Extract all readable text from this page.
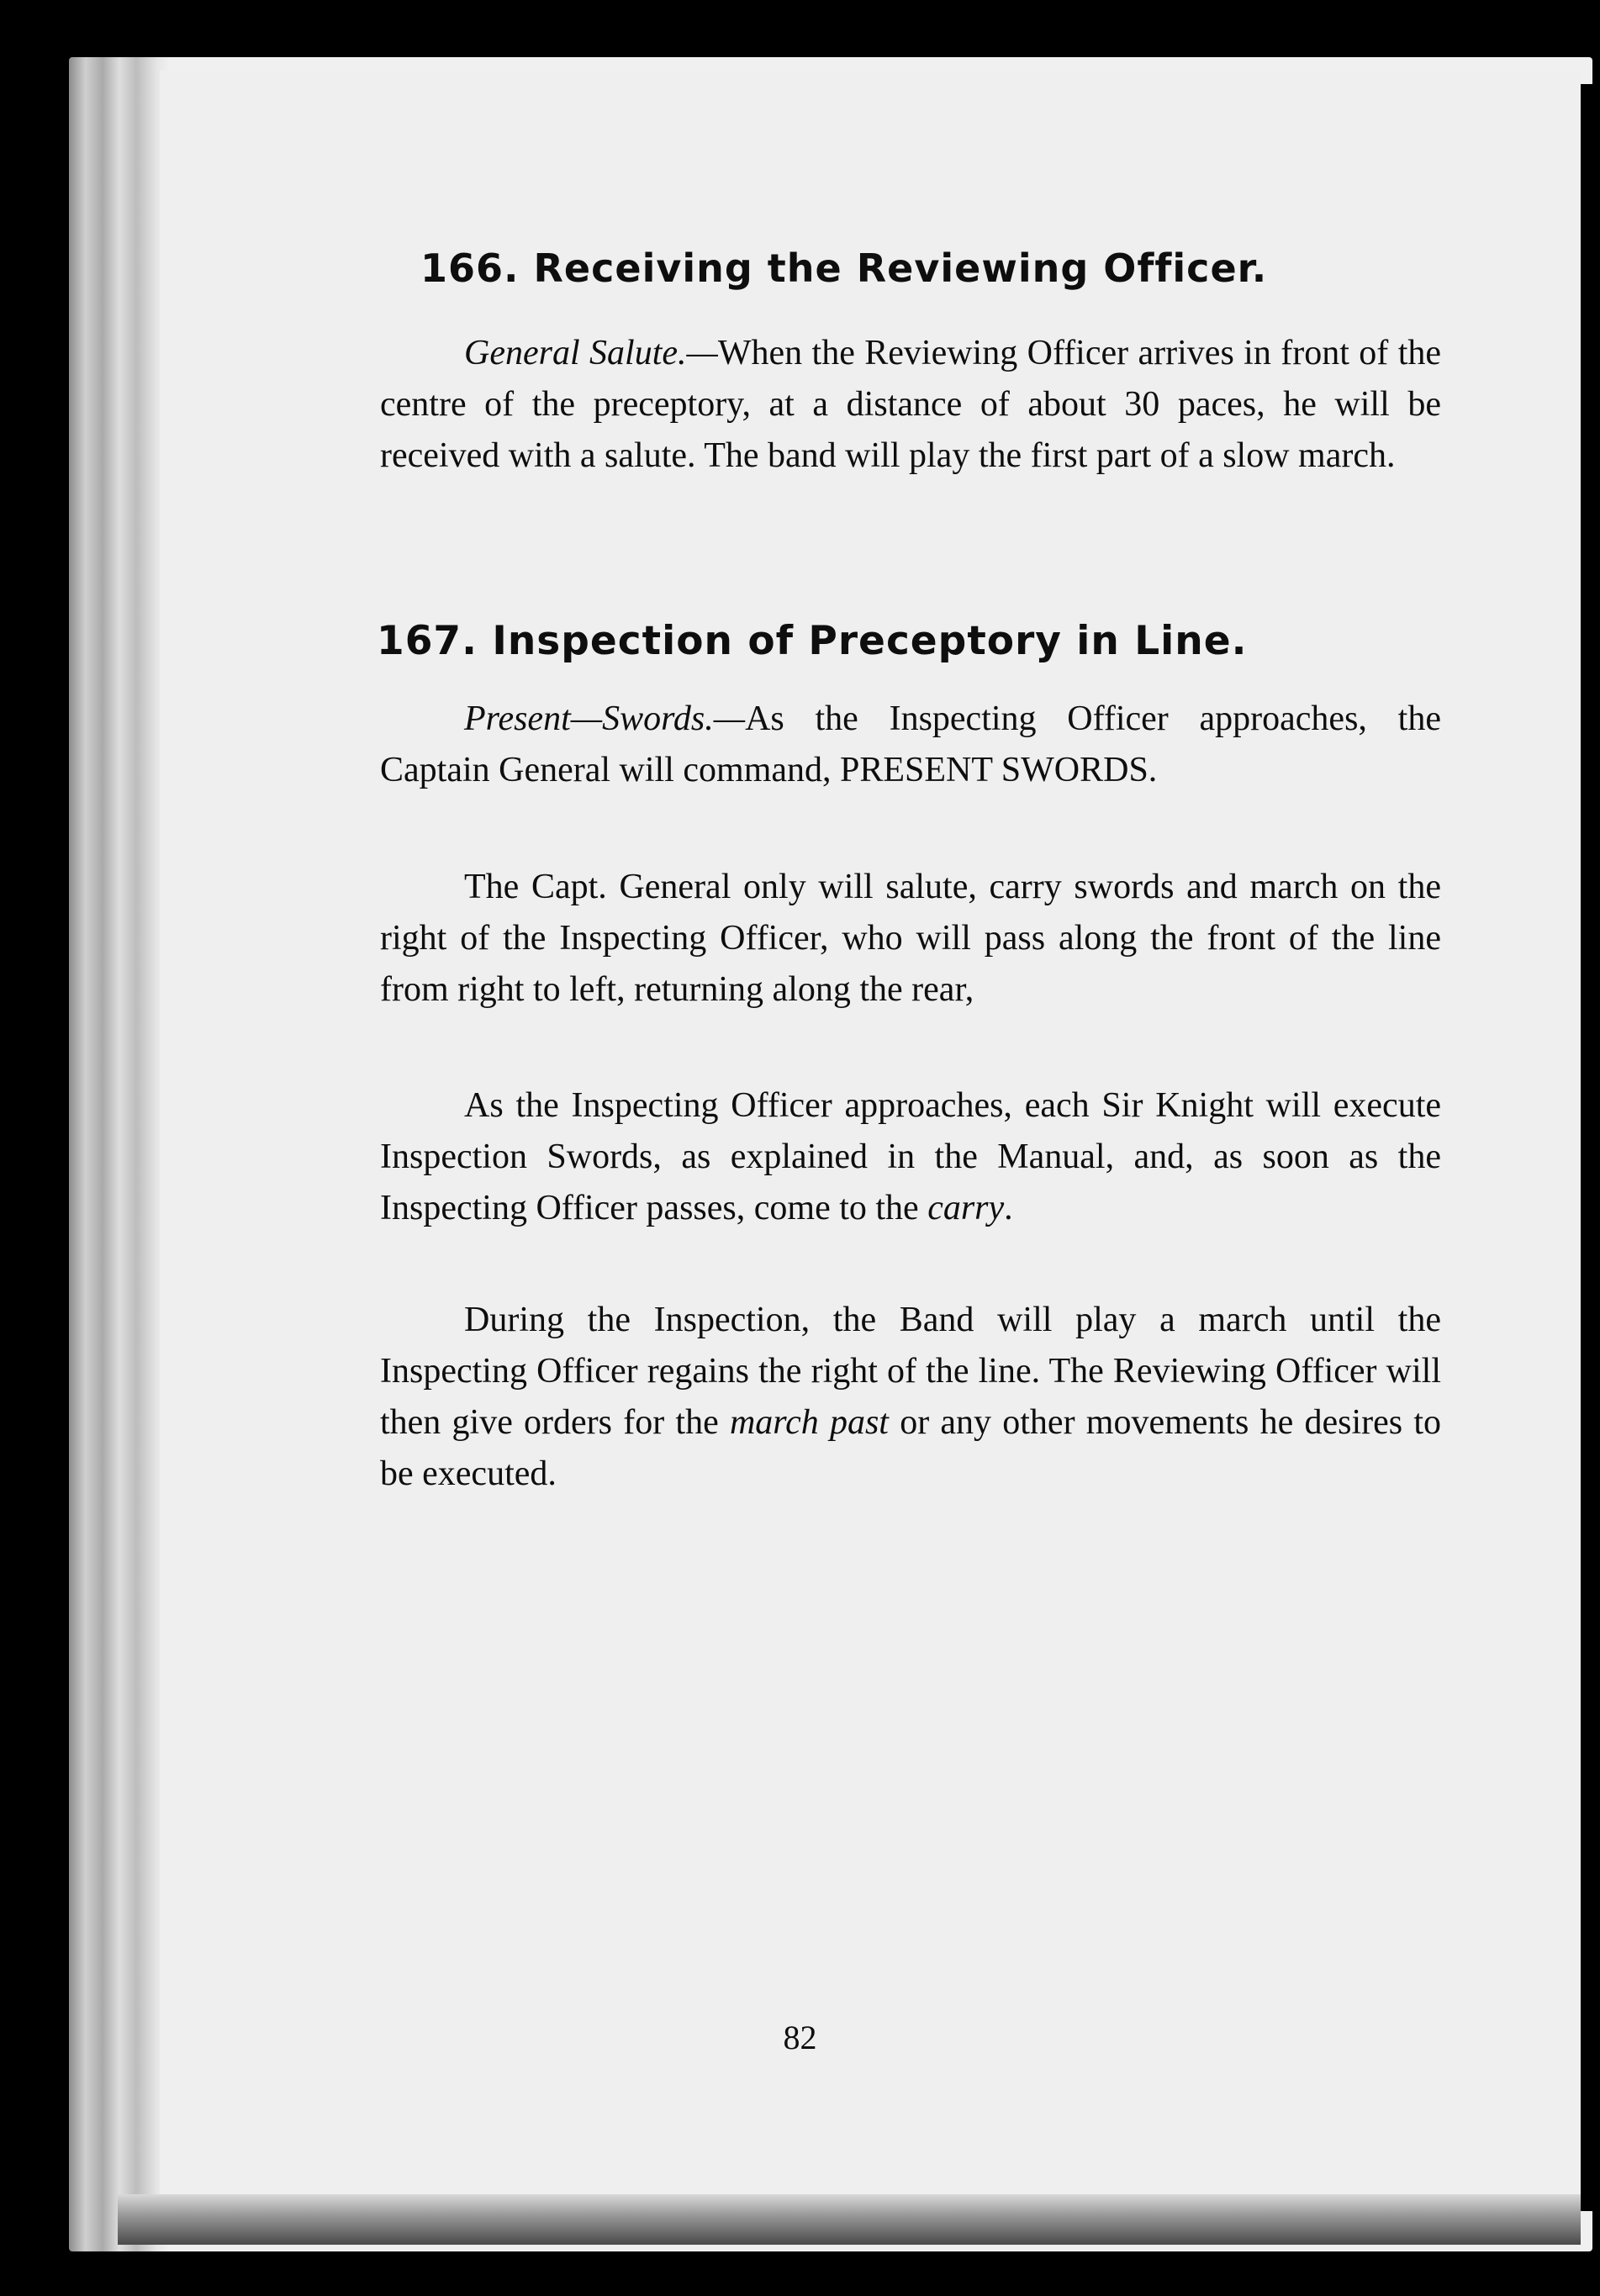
166. Receiving the Reviewing Officer.

General Salute.—When the Reviewing Officer arrives in front of the centre of the preceptory, at a distance of about 30 paces, he will be received with a salute. The band will play the first part of a slow march.

167. Inspection of Preceptory in Line.

Present—Swords.—As the Inspecting Officer approaches, the Captain General will command, PRESENT SWORDS.

The Capt. General only will salute, carry swords and march on the right of the Inspecting Officer, who will pass along the front of the line from right to left, returning along the rear,

As the Inspecting Officer approaches, each Sir Knight will execute Inspection Swords, as explained in the Manual, and, as soon as the Inspecting Officer passes, come to the carry.

During the Inspection, the Band will play a march until the Inspecting Officer regains the right of the line. The Reviewing Officer will then give orders for the march past or any other movements he desires to be executed.

82
